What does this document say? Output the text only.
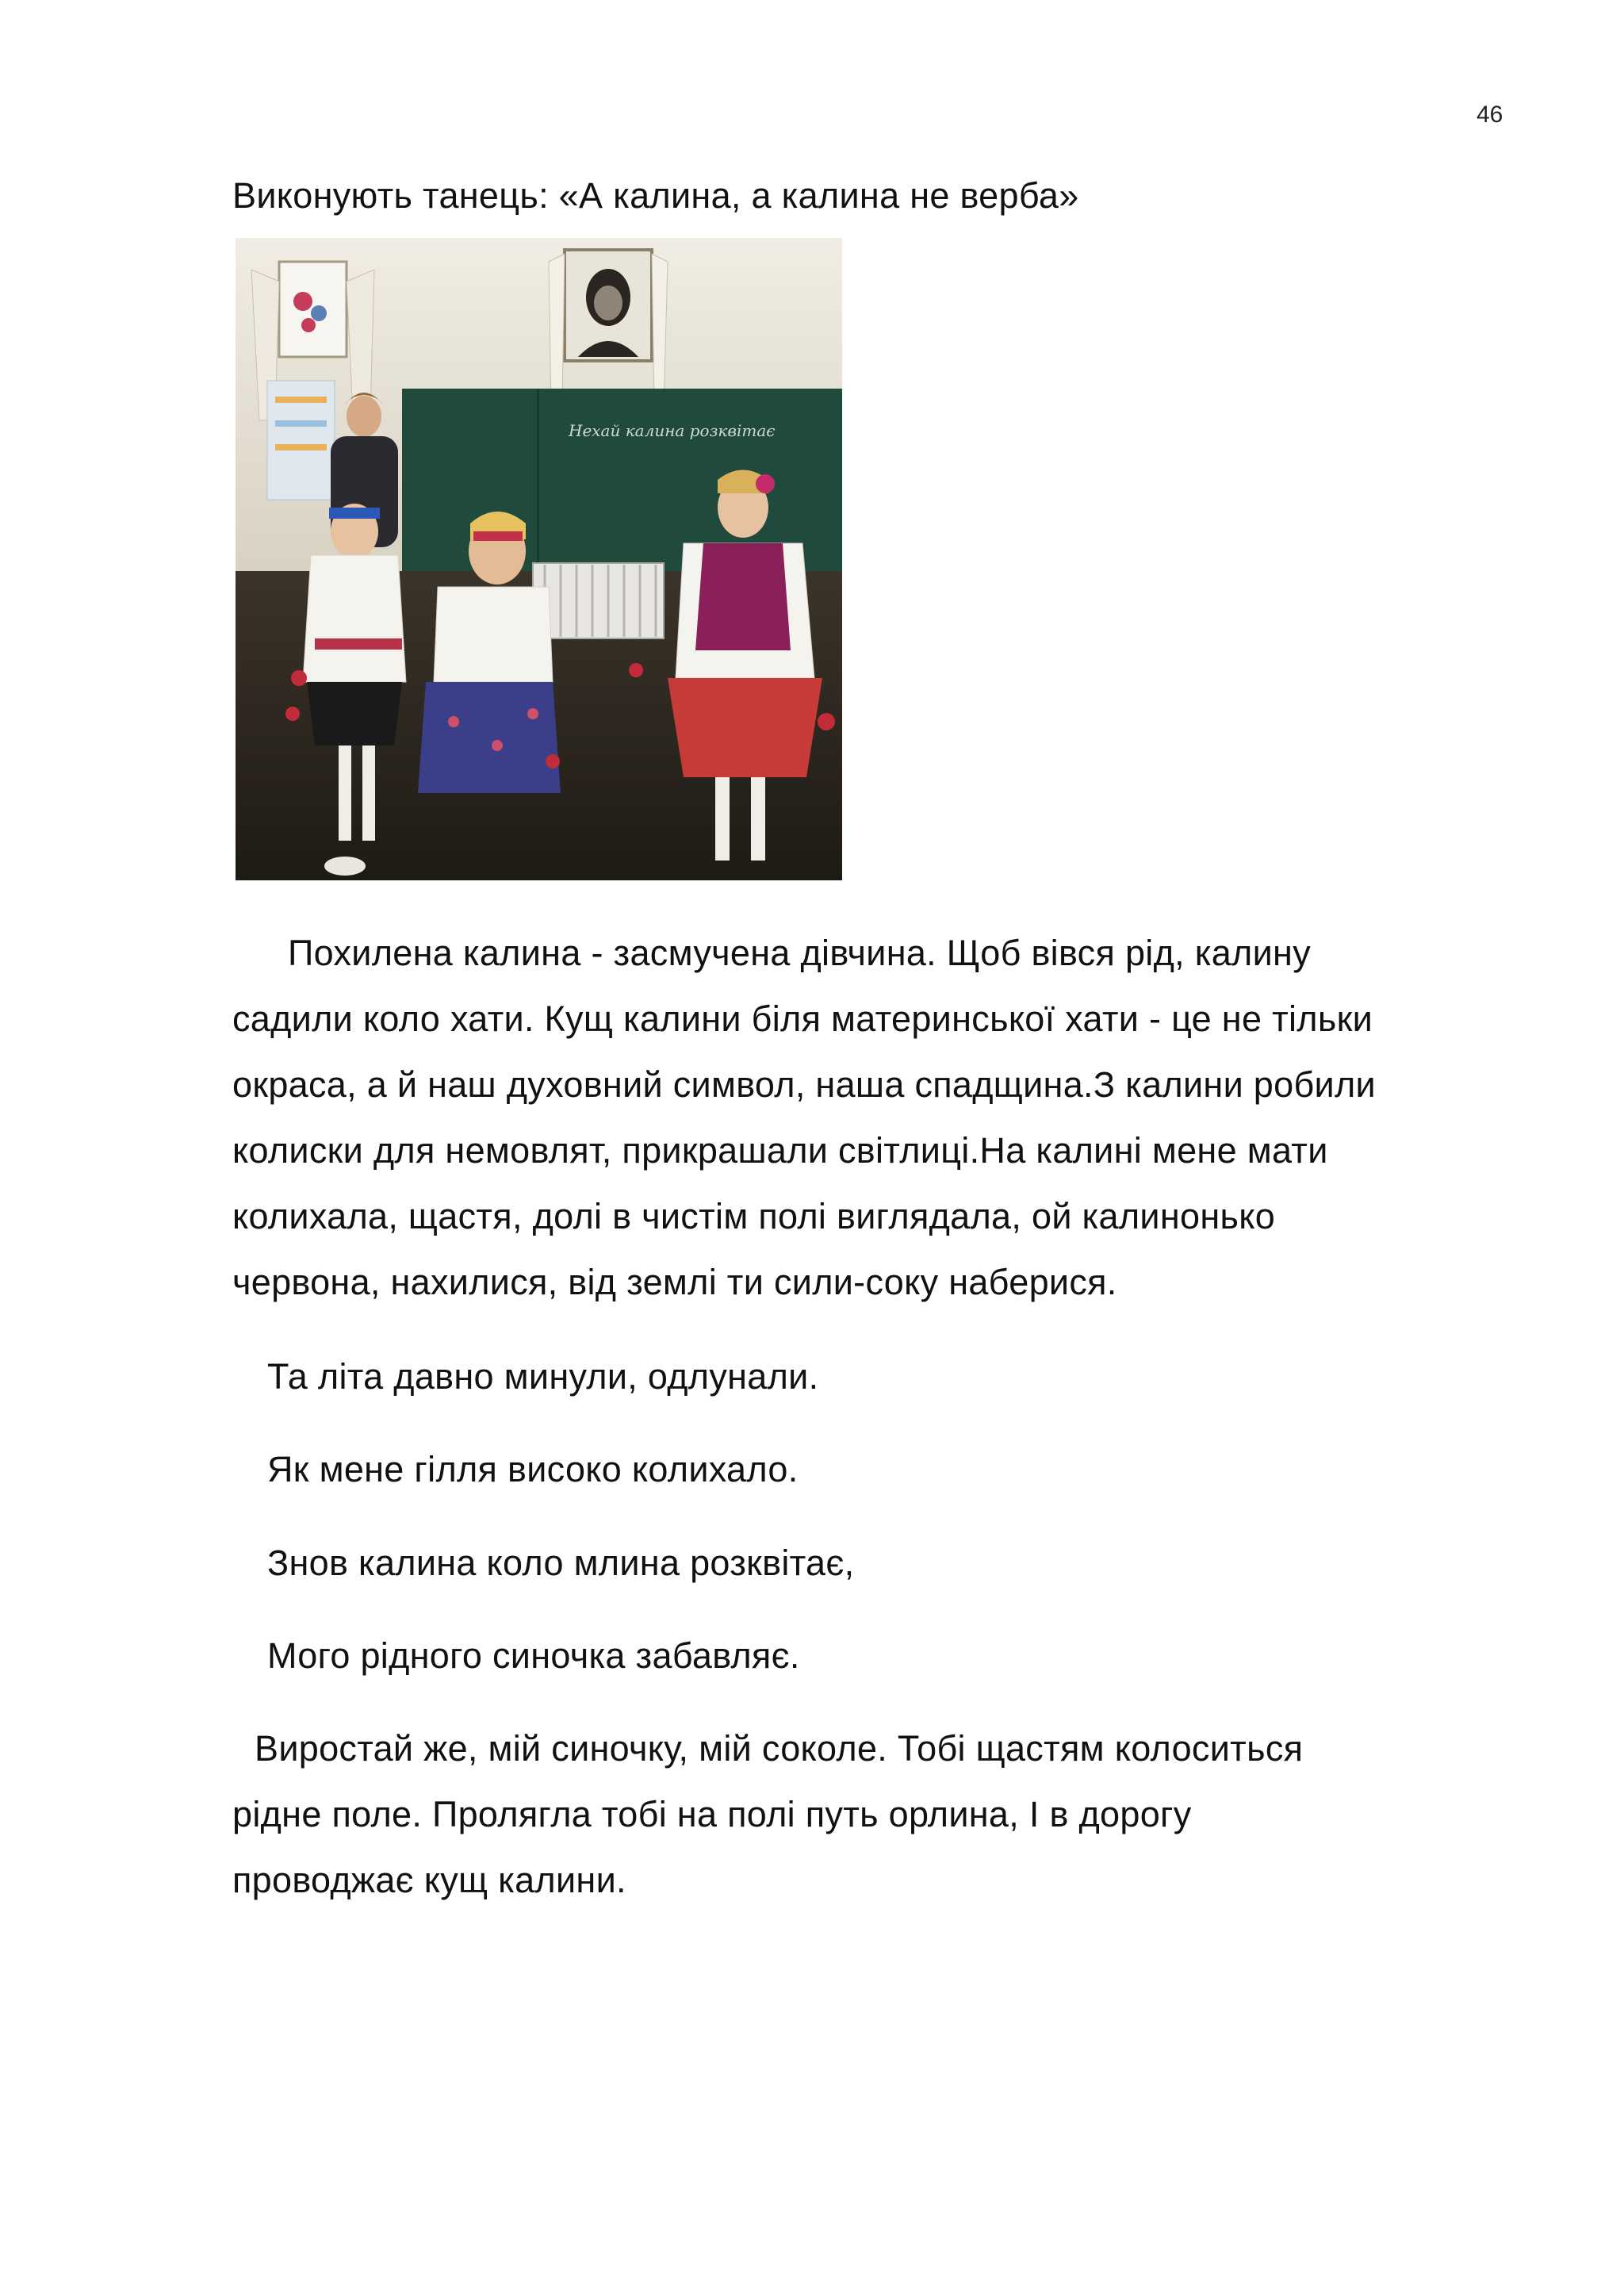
46
Виконують танець: «А калина, а калина не верба»
Нехай калина розквітає
Похилена калина - засмучена дівчина. Щоб вівся рід, калину
садили коло хати. Кущ калини біля материнської хати - це не тільки
окраса, а й наш духовний символ, наша спадщина.З калини робили
колиски для немовлят, прикрашали світлиці.На калині мене мати
колихала, щастя, долі в чистім полі виглядала, ой калинонько
червона, нахилися, від землі ти сили-соку наберися.
Та літа давно минули, одлунали.
Як мене гілля високо колихало.
Знов калина коло млина розквітає,
Мого рідного синочка забавляє.
Виростай же, мій синочку, мій соколе. Тобі щастям колоситься
рідне поле. Пролягла тобі на полі путь орлина, І в дорогу
проводжає кущ калини.
